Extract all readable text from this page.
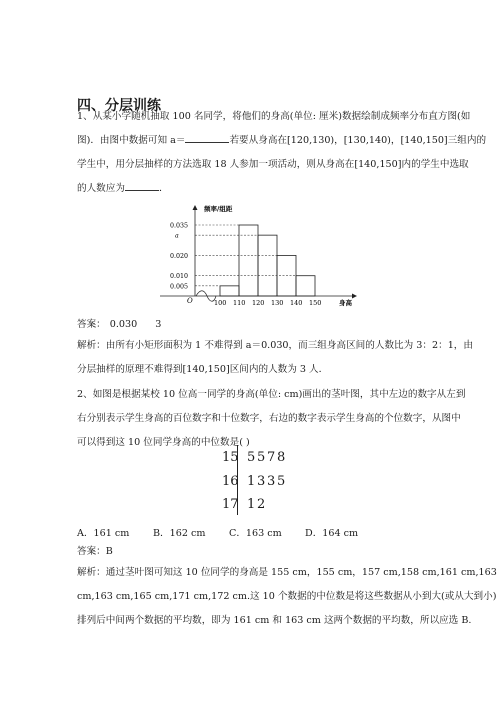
四、分层训练
1、从某小学随机抽取 100 名同学，将他们的身高(单位: 厘米)数据绘制成频率分布直方图(如
图)．由图中数据可知 a＝	若要从身高在[120,130)，[130,140)，[140,150]三组内的
学生中，用分层抽样的方法选取 18 人参加一项活动，则从身高在[140,150]内的学生中选取
的人数应为	．
频率/组距
身高
O
0.035
a
0.020
0.010
0.005
100 110 120 130 140 150
答案： 0.030 3
解析：由所有小矩形面积为 1 不难得到 a＝0.030，而三组身高区间的人数比为 3：2：1，由
分层抽样的原理不难得到[140,150]区间内的人数为 3 人．
2、如图是根据某校 10 位高一同学的身高(单位: cm)画出的茎叶图，其中左边的数字从左到
右分别表示学生身高的百位数字和十位数字，右边的数字表示学生身高的个位数字，从图中
可以得到这 10 位同学身高的中位数是( )
15 5 5 7 8
16 1 3 3 5
17 1 2
A．161 cm B．162 cm C．163 cm D．164 cm
答案：B
解析：通过茎叶图可知这 10 位同学的身高是 155 cm，155 cm，157 cm,158 cm,161 cm,163
cm,163 cm,165 cm,171 cm,172 cm.这 10 个数据的中位数是将这些数据从小到大(或从大到小)
排列后中间两个数据的平均数，即为 161 cm 和 163 cm 这两个数据的平均数，所以应选 B.
